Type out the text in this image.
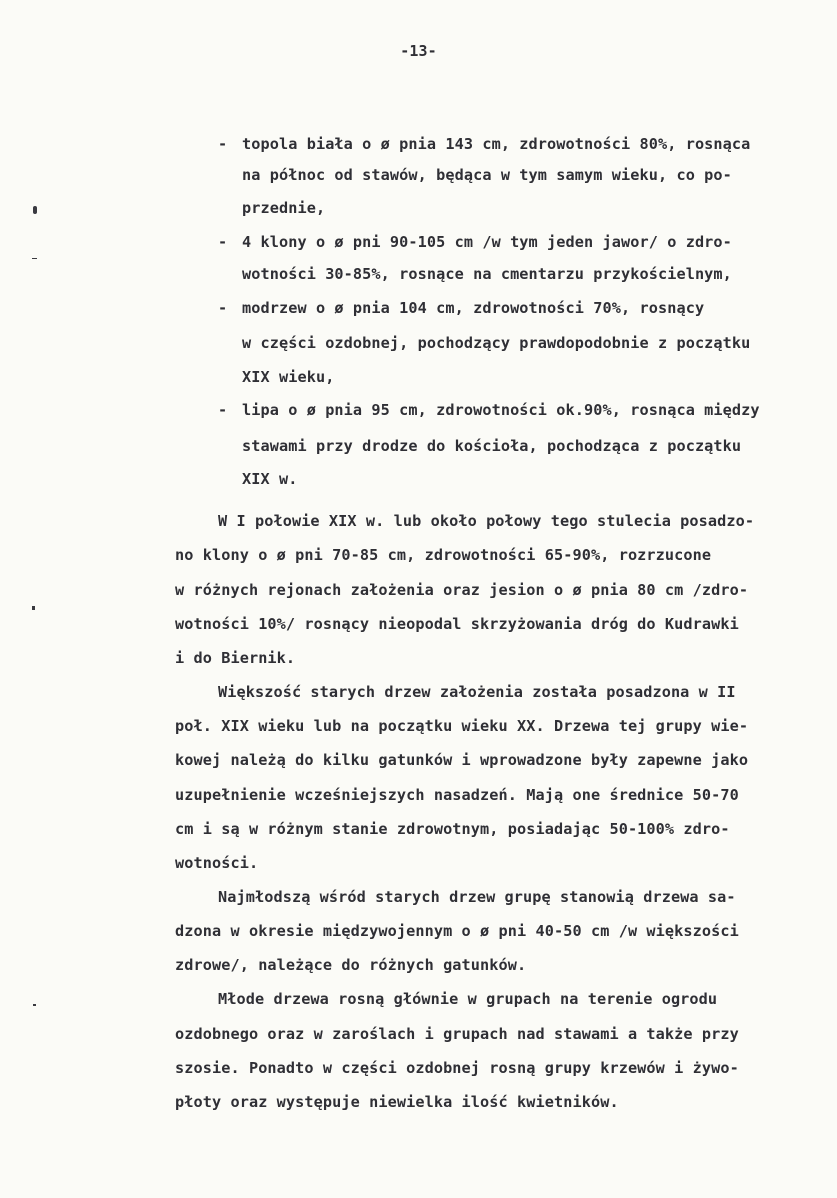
-13-
- topola biała o ø pnia 143 cm, zdrowotności 80%, rosnąca
na północ od stawów, będąca w tym samym wieku, co po-
przednie,
- 4 klony o ø pni 90-105 cm /w tym jeden jawor/ o zdro-
wotności 30-85%, rosnące na cmentarzu przykościelnym,
- modrzew o ø pnia 104 cm, zdrowotności 70%, rosnący
w części ozdobnej, pochodzący prawdopodobnie z początku
XIX wieku,
- lipa o ø pnia 95 cm, zdrowotności ok.90%, rosnąca między
stawami przy drodze do kościoła, pochodząca z początku
XIX w.
W I połowie XIX w. lub około połowy tego stulecia posadzo-
no klony o ø pni 70-85 cm, zdrowotności 65-90%, rozrzucone
w różnych rejonach założenia oraz jesion o ø pnia 80 cm /zdro-
wotności 10%/ rosnący nieopodal skrzyżowania dróg do Kudrawki
i do Biernik.
Większość starych drzew założenia została posadzona w II
poł. XIX wieku lub na początku wieku XX. Drzewa tej grupy wie-
kowej należą do kilku gatunków i wprowadzone były zapewne jako
uzupełnienie wcześniejszych nasadzeń. Mają one średnice 50-70
cm i są w różnym stanie zdrowotnym, posiadając 50-100% zdro-
wotności.
Najmłodszą wśród starych drzew grupę stanowią drzewa sa-
dzona w okresie międzywojennym o ø pni 40-50 cm /w większości
zdrowe/, należące do różnych gatunków.
Młode drzewa rosną głównie w grupach na terenie ogrodu
ozdobnego oraz w zaroślach i grupach nad stawami a także przy
szosie. Ponadto w części ozdobnej rosną grupy krzewów i żywo-
płoty oraz występuje niewielka ilość kwietników.
